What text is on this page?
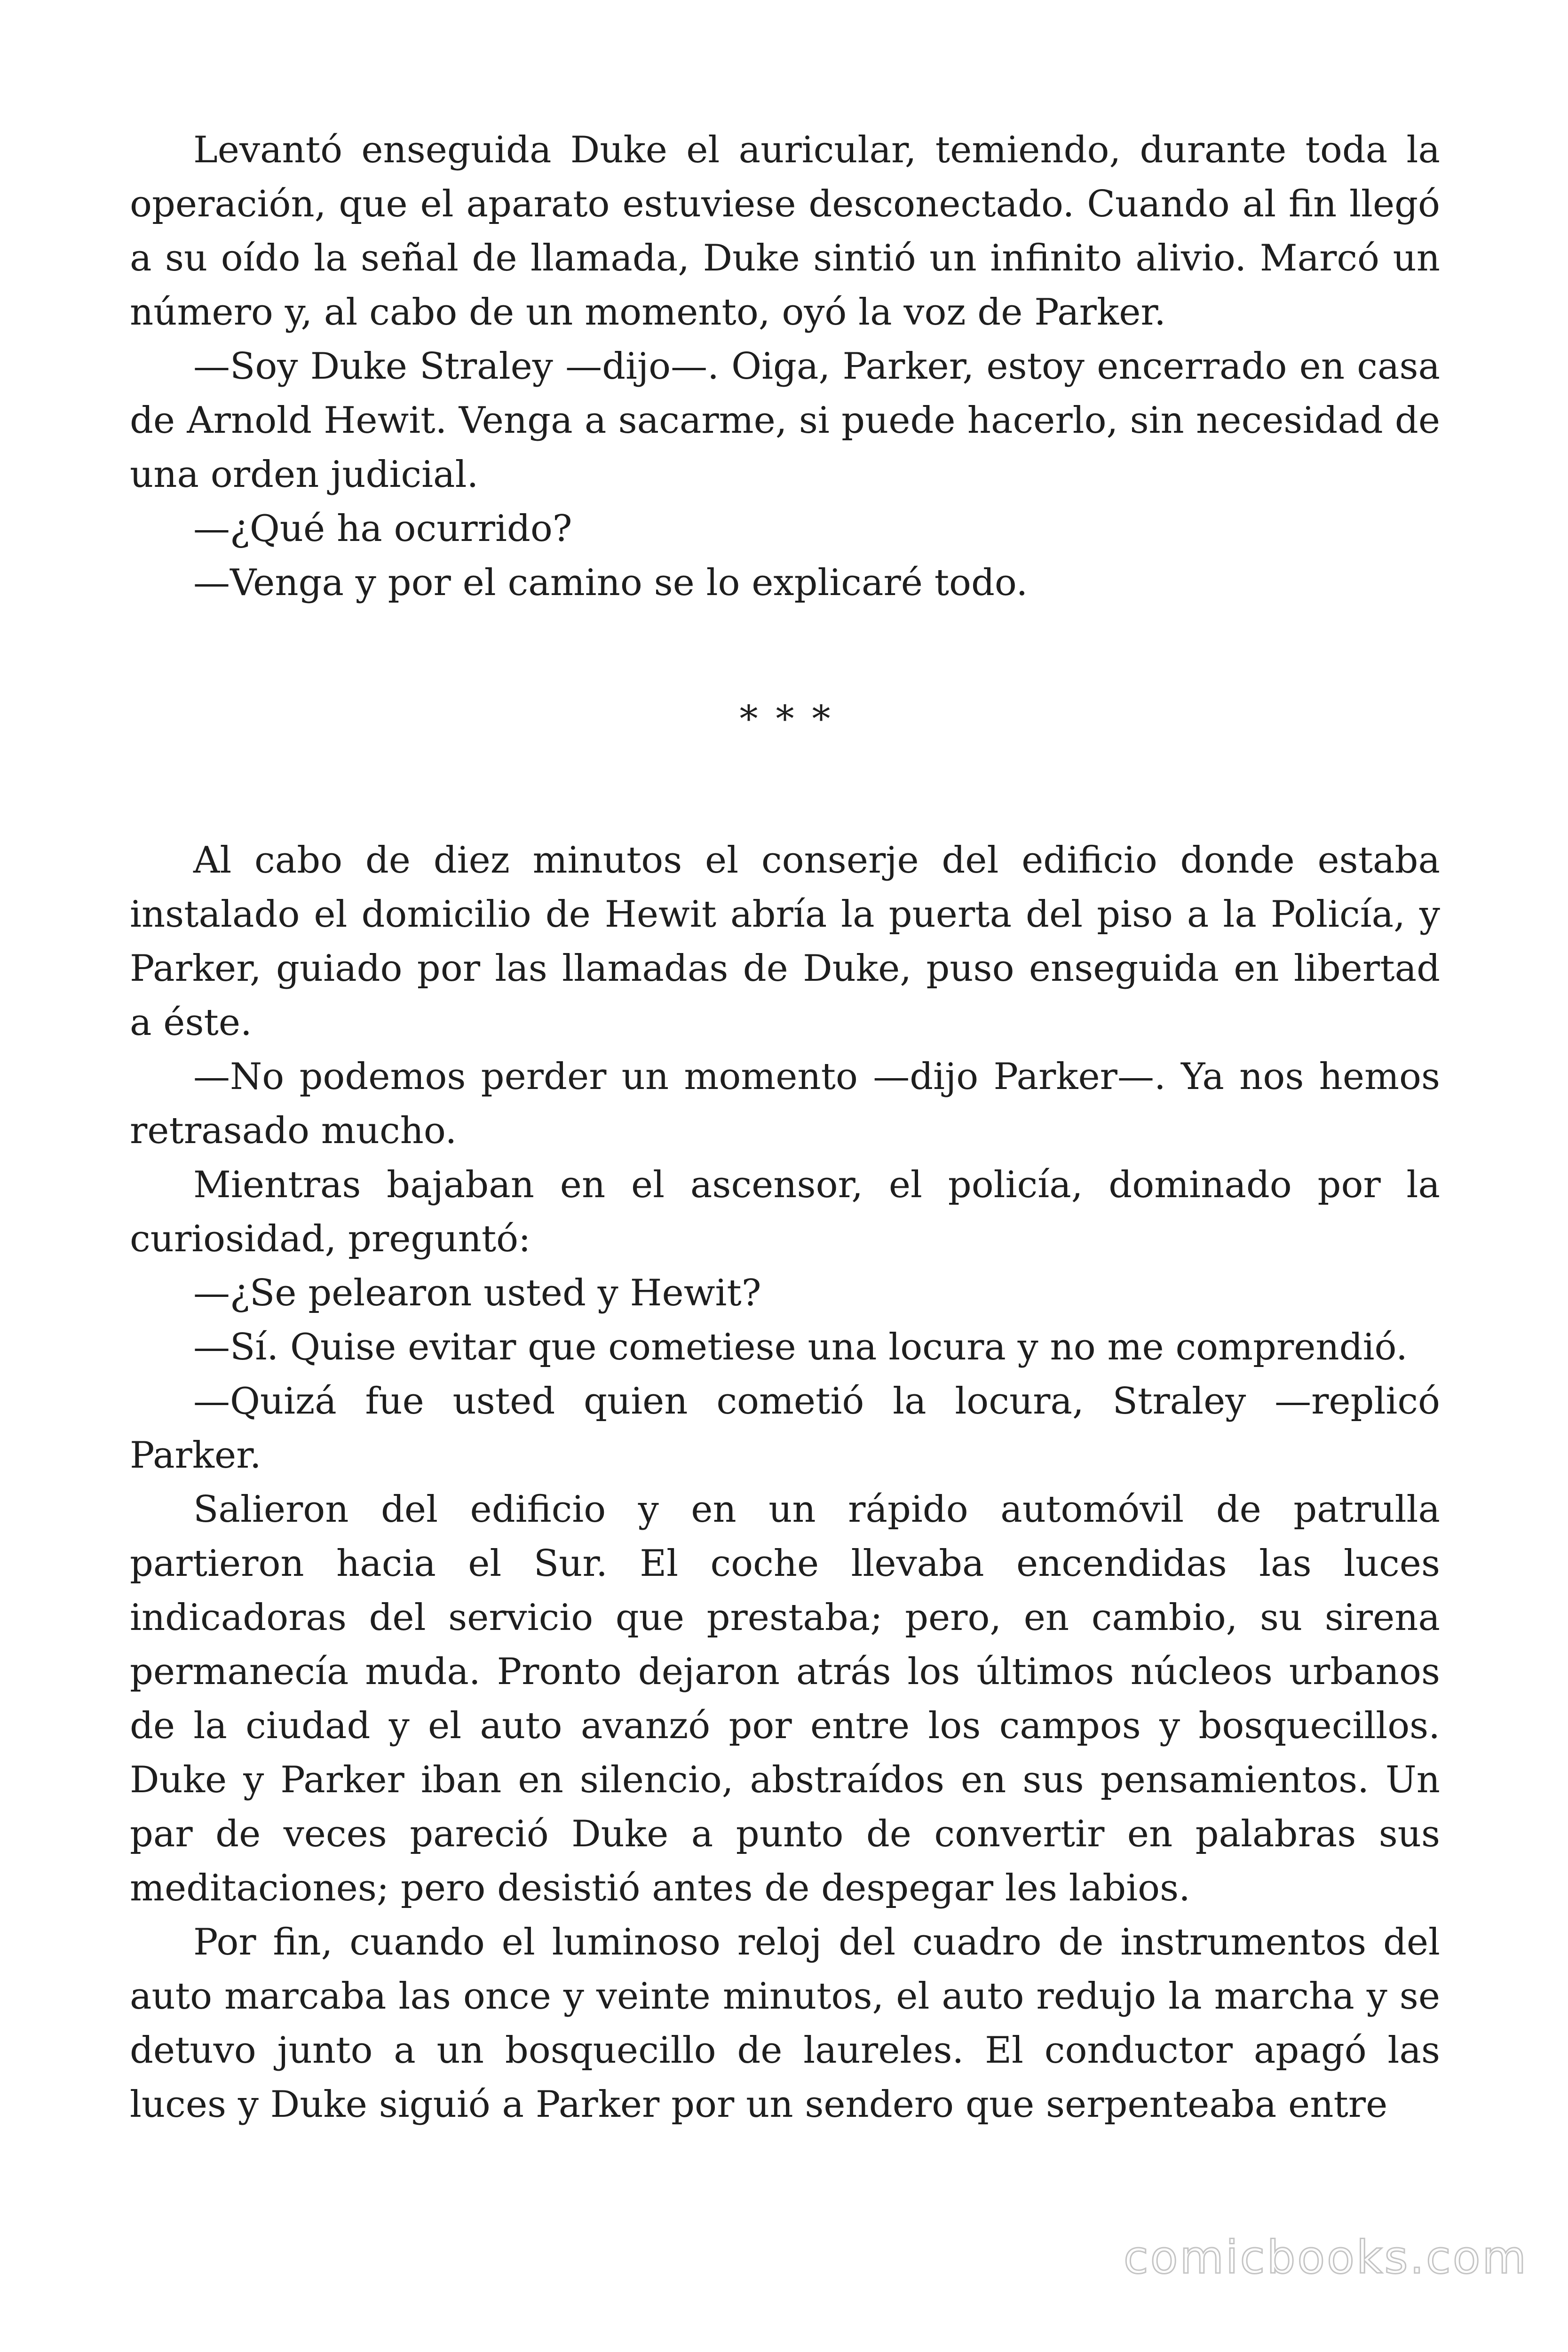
Levantó enseguida Duke el auricular, temiendo, durante toda la operación, que el aparato estuviese desconectado. Cuando al fin llegó a su oído la señal de llamada, Duke sintió un infinito alivio. Marcó un número y, al cabo de un momento, oyó la voz de Parker.

—Soy Duke Straley —dijo—. Oiga, Parker, estoy encerrado en casa de Arnold Hewit. Venga a sacarme, si puede hacerlo, sin necesidad de una orden judicial.

—¿Qué ha ocurrido?

—Venga y por el camino se lo explicaré todo.

***

Al cabo de diez minutos el conserje del edificio donde estaba instalado el domicilio de Hewit abría la puerta del piso a la Policía, y Parker, guiado por las llamadas de Duke, puso enseguida en libertad a éste.

—No podemos perder un momento —dijo Parker—. Ya nos hemos retrasado mucho.

Mientras bajaban en el ascensor, el policía, dominado por la curiosidad, preguntó:

—¿Se pelearon usted y Hewit?

—Sí. Quise evitar que cometiese una locura y no me comprendió.

—Quizá fue usted quien cometió la locura, Straley —replicó Parker.

Salieron del edificio y en un rápido automóvil de patrulla partieron hacia el Sur. El coche llevaba encendidas las luces indicadoras del servicio que prestaba; pero, en cambio, su sirena permanecía muda. Pronto dejaron atrás los últimos núcleos urbanos de la ciudad y el auto avanzó por entre los campos y bosquecillos. Duke y Parker iban en silencio, abstraídos en sus pensamientos. Un par de veces pareció Duke a punto de convertir en palabras sus meditaciones; pero desistió antes de despegar les labios.

Por fin, cuando el luminoso reloj del cuadro de instrumentos del auto marcaba las once y veinte minutos, el auto redujo la marcha y se detuvo junto a un bosquecillo de laureles. El conductor apagó las luces y Duke siguió a Parker por un sendero que serpenteaba entre

comicbooks.com
